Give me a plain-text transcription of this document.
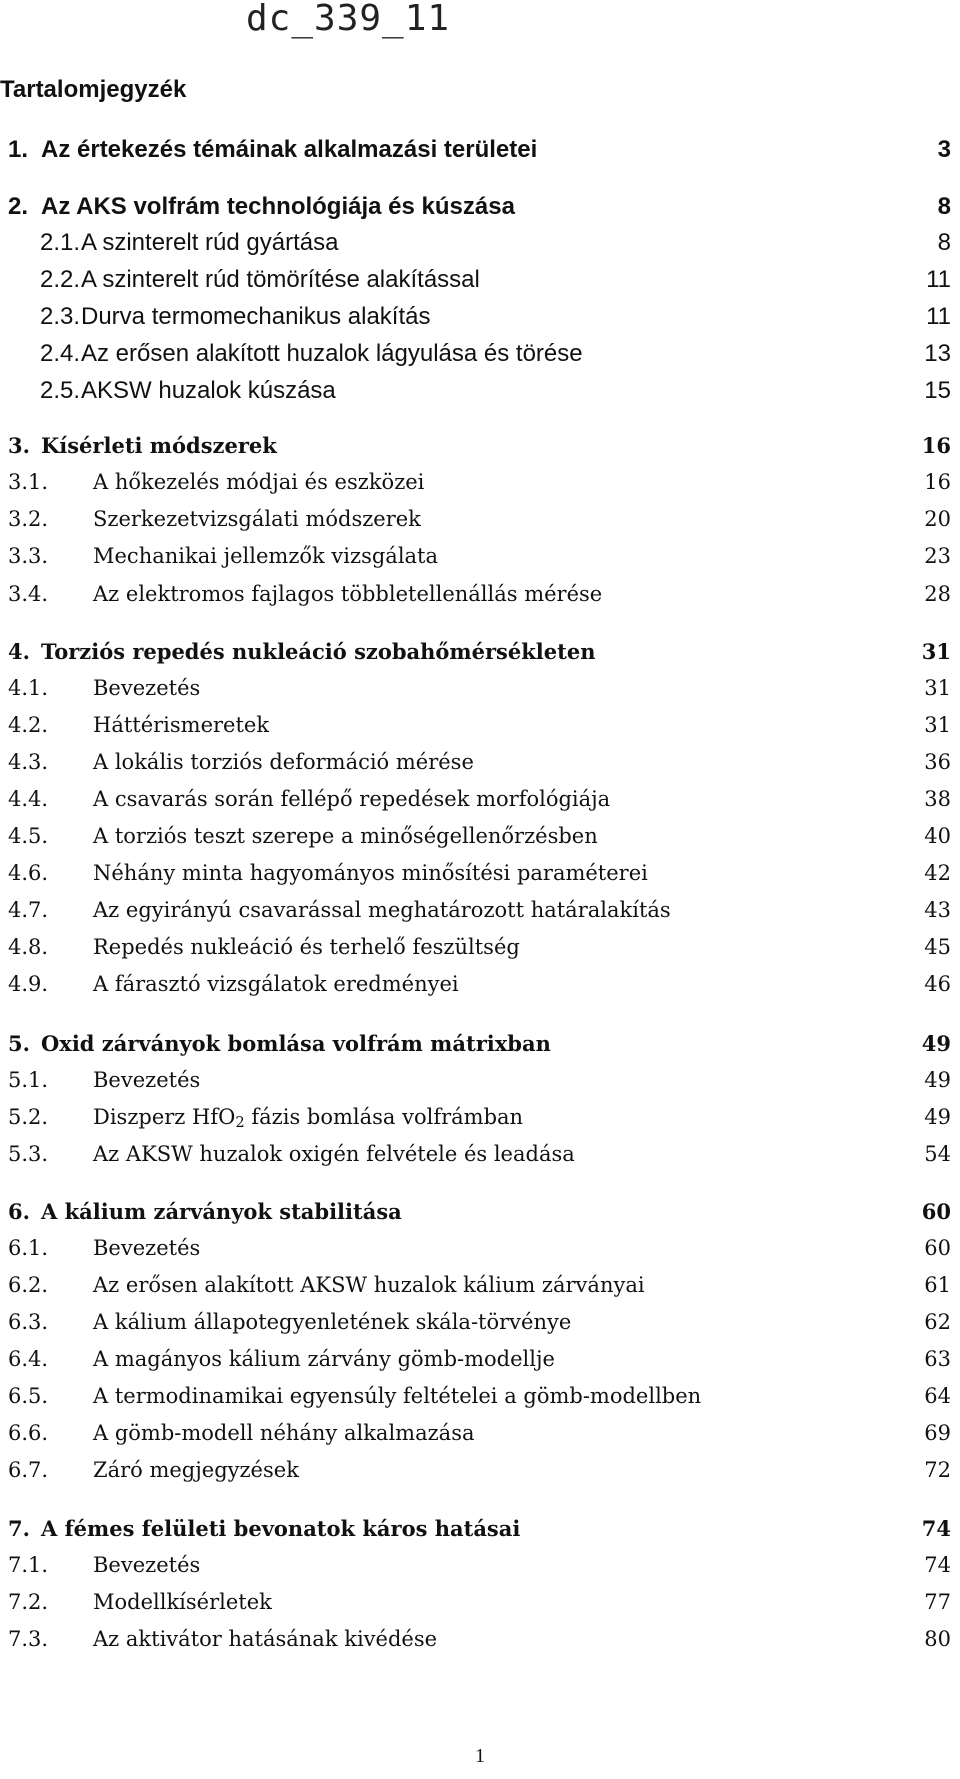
dc_339_11
Tartalomjegyzék
1. Az értekezés témáinak alkalmazási területei	3
2. Az AKS volfrám technológiája és kúszása	8
2.1. A szinterelt rúd gyártása	8
2.2. A szinterelt rúd tömörítése alakítással	11
2.3. Durva termomechanikus alakítás	11
2.4. Az erősen alakított huzalok lágyulása és törése	13
2.5. AKSW huzalok kúszása	15
3. Kísérleti módszerek	16
3.1. A hőkezelés módjai és eszközei	16
3.2. Szerkezetvizsgálati módszerek	20
3.3. Mechanikai jellemzők vizsgálata	23
3.4. Az elektromos fajlagos többletellenállás mérése	28
4. Torziós repedés nukleáció szobahőmérsékleten	31
4.1. Bevezetés	31
4.2. Háttérismeretek	31
4.3. A lokális torziós deformáció mérése	36
4.4. A csavarás során fellépő repedések morfológiája	38
4.5. A torziós teszt szerepe a minőségellenőrzésben	40
4.6. Néhány minta hagyományos minősítési paraméterei	42
4.7. Az egyirányú csavarással meghatározott határalakítás	43
4.8. Repedés nukleáció és terhelő feszültség	45
4.9. A fárasztó vizsgálatok eredményei	46
5. Oxid zárványok bomlása volfrám mátrixban	49
5.1. Bevezetés	49
5.2. Diszperz HfO$_2$ fázis bomlása volfrámban	49
5.3. Az AKSW huzalok oxigén felvétele és leadása	54
6. A kálium zárványok stabilitása	60
6.1. Bevezetés	60
6.2. Az erősen alakított AKSW huzalok kálium zárványai	61
6.3. A kálium állapotegyenletének skála-törvénye	62
6.4. A magányos kálium zárvány gömb-modellje	63
6.5. A termodinamikai egyensúly feltételei a gömb-modellben	64
6.6. A gömb-modell néhány alkalmazása	69
6.7. Záró megjegyzések	72
7. A fémes felületi bevonatok káros hatásai	74
7.1. Bevezetés	74
7.2. Modellkísérletek	77
7.3. Az aktivátor hatásának kivédése	80
1
